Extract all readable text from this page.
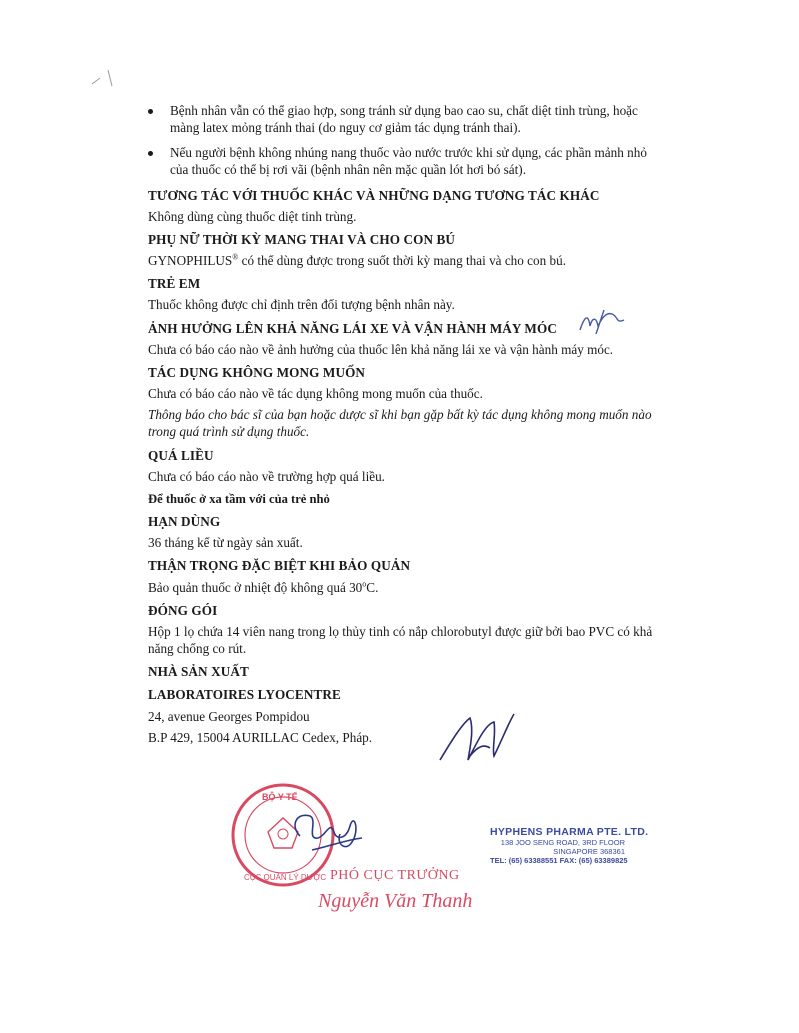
Bệnh nhân vẫn có thể giao hợp, song tránh sử dụng bao cao su, chất diệt tinh trùng, hoặc màng latex mỏng tránh thai (do nguy cơ giảm tác dụng tránh thai).
Nếu người bệnh không nhúng nang thuốc vào nước trước khi sử dụng, các phần mảnh nhỏ của thuốc có thể bị rơi vãi (bệnh nhân nên mặc quần lót hơi bó sát).
TƯƠNG TÁC VỚI THUỐC KHÁC VÀ NHỮNG DẠNG TƯƠNG TÁC KHÁC
Không dùng cùng thuốc diệt tinh trùng.
PHỤ NỮ THỜI KỲ MANG THAI VÀ CHO CON BÚ
GYNOPHILUS® có thể dùng được trong suốt thời kỳ mang thai và cho con bú.
TRẺ EM
Thuốc không được chỉ định trên đối tượng bệnh nhân này.
ẢNH HƯỞNG LÊN KHẢ NĂNG LÁI XE VÀ VẬN HÀNH MÁY MÓC
Chưa có báo cáo nào về ảnh hưởng của thuốc lên khả năng lái xe và vận hành máy móc.
TÁC DỤNG KHÔNG MONG MUỐN
Chưa có báo cáo nào về tác dụng không mong muốn của thuốc.
Thông báo cho bác sĩ của bạn hoặc dược sĩ khi bạn gặp bất kỳ tác dụng không mong muốn nào trong quá trình sử dụng thuốc.
QUÁ LIỀU
Chưa có báo cáo nào về trường hợp quá liều.
Để thuốc ở xa tầm với của trẻ nhỏ
HẠN DÙNG
36 tháng kể từ ngày sản xuất.
THẬN TRỌNG ĐẶC BIỆT KHI BẢO QUẢN
Bảo quản thuốc ở nhiệt độ không quá 30$^o$C.
ĐÓNG GÓI
Hộp 1 lọ chứa 14 viên nang trong lọ thủy tinh có nắp chlorobutyl được giữ bởi bao PVC có khả năng chống co rút.
NHÀ SẢN XUẤT
LABORATOIRES LYOCENTRE
24, avenue Georges Pompidou
B.P 429, 15004 AURILLAC Cedex, Pháp.
BỘ Y TẾ
CỤC QUẢN LÝ DƯỢC PHÓ CỤC TRƯỞNG
Nguyễn Văn Thanh
HYPHENS PHARMA PTE. LTD.
138 JOO SENG ROAD, 3RD FLOOR
SINGAPORE 368361
TEL: (65) 63388551 FAX: (65) 63389825
